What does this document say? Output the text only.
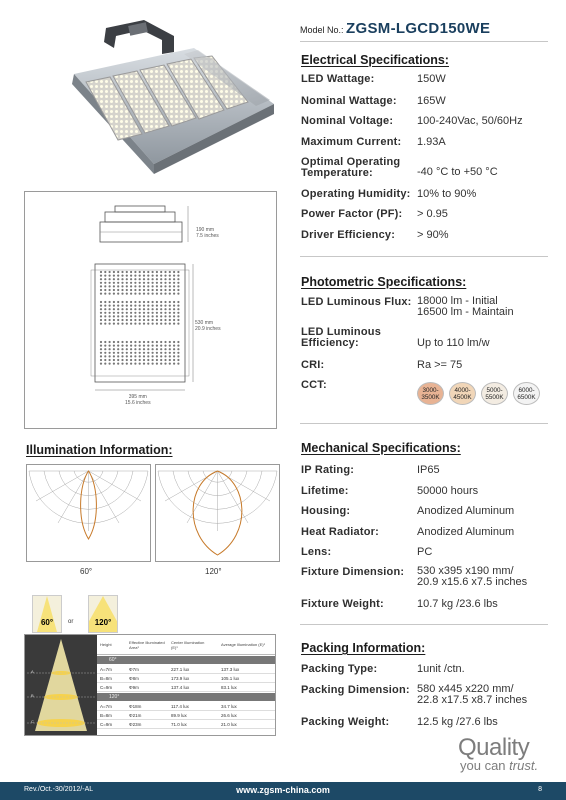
190 mm
7.5 inches
530 mm
20.9 inches
395 mm
15.6 inches
Illumination Information:
60°	120°
60°	or	120°
A
B
C
Height	Effective Illuminated Area¹
Center Illumination (E)¹	Average Illumination (E)¹
60°
A=7m	Φ7m	227.1 lux	137.3 lux
B=8m	Φ8m	173.9 lux	105.1 lux
C=9m	Φ9m	137.4 lux	83.1 lux
120°
A=7m	Φ18m	117.4 lux	34.7 lux
B=8m	Φ21m	89.9 lux	26.6 lux
C=9m	Φ23m	71.0 lux	21.0 lux
Model No.: ZGSM-LGCD150WE
Electrical Specifications:
LED Wattage:	150W
Nominal Wattage: 165W
Nominal Voltage: 100-240Vac, 50/60Hz
Maximum Current: 1.93A
Optimal Operating
Temperature:	-40 °C to +50 °C
Operating Humidity: 10% to 90%
Power Factor (PF): > 0.95
Driver Efficiency: > 90%
Photometric Specifications:
LED Luminous Flux: 18000 lm - Initial
16500 lm - Maintain
LED Luminous
Efficiency:	Up to 110 lm/w
CRI:	Ra >= 75
CCT:	3000-
3500K
4000-
4500K
5000-
5500K
6000-
6500K
Mechanical Specifications:
IP Rating:	IP65
Lifetime:	50000 hours
Housing:	Anodized Aluminum
Heat Radiator:	Anodized Aluminum
Lens:	PC
Fixture Dimension: 530 x395 x190 mm/
20.9 x15.6 x7.5 inches
Fixture Weight:	10.7 kg /23.6 lbs
Packing Information:
Packing Type:	1unit /ctn.
Packing Dimension: 580 x445 x220 mm/
22.8 x17.5 x8.7 inches
Packing Weight:	12.5 kg /27.6 lbs
Quality
you can trust.
Rev./Oct.-30/2012/-AL	www.zgsm-china.com	8
